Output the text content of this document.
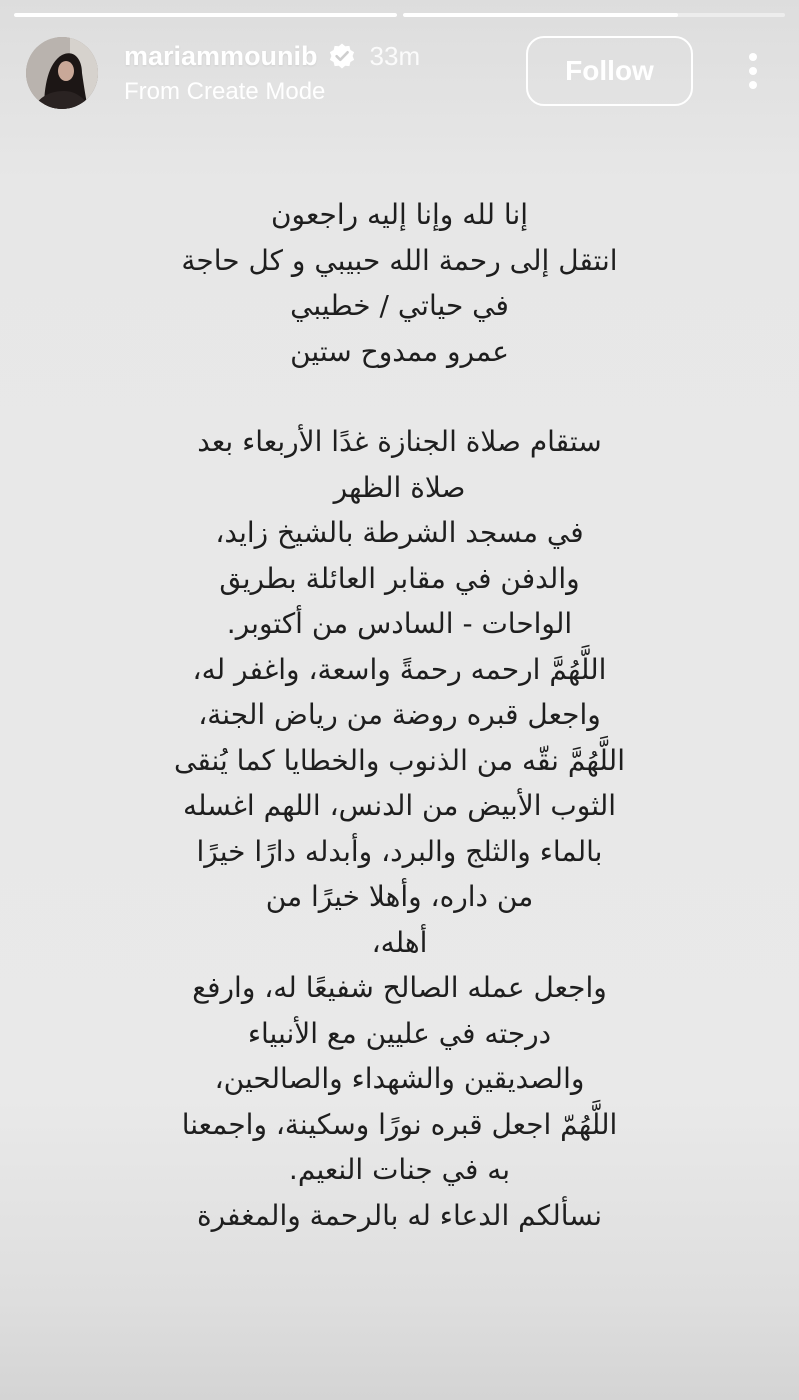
mariammounib 33m
From Create Mode
Follow
إنا لله وإنا إليه راجعون
انتقل إلى رحمة الله حبيبي و كل حاجة
في حياتي / خطيبي
عمرو ممدوح ستين
ستقام صلاة الجنازة غدًا الأربعاء بعد
صلاة الظهر
في مسجد الشرطة بالشيخ زايد،
والدفن في مقابر العائلة بطريق
الواحات - السادس من أكتوبر.
اللَّهُمَّ ارحمه رحمةً واسعة، واغفر له،
واجعل قبره روضة من رياض الجنة،
اللَّهُمَّ نقّه من الذنوب والخطايا كما يُنقى
الثوب الأبيض من الدنس، اللهم اغسله
بالماء والثلج والبرد، وأبدله دارًا خيرًا
من داره، وأهلا خيرًا من
أهله،
واجعل عمله الصالح شفيعًا له، وارفع
درجته في عليين مع الأنبياء
والصديقين والشهداء والصالحين،
اللَّهُمّ اجعل قبره نورًا وسكينة، واجمعنا
به في جنات النعيم.
نسألكم الدعاء له بالرحمة والمغفرة
